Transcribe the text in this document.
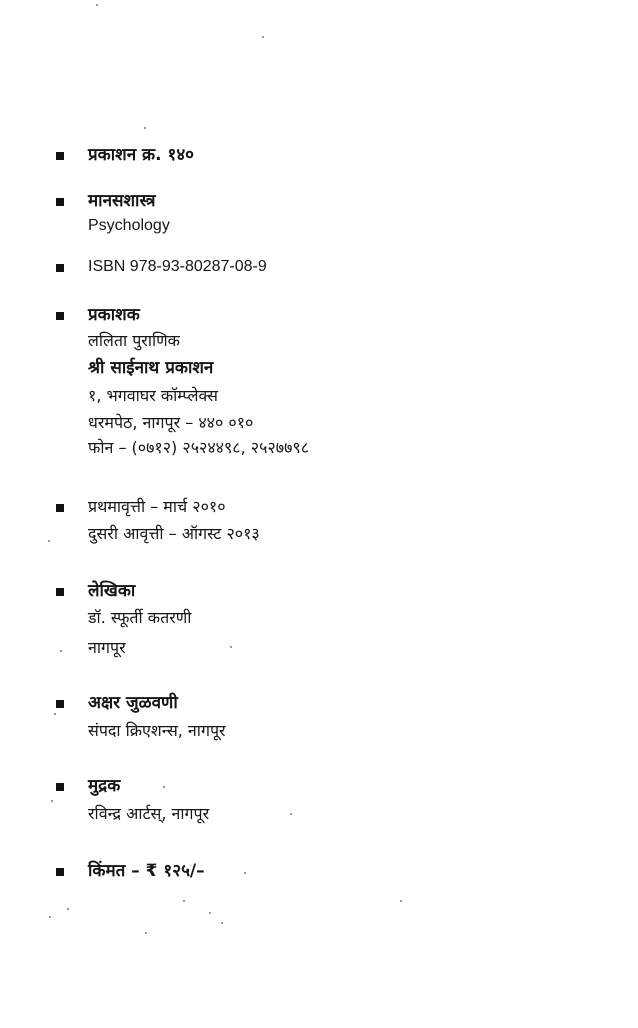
प्रकाशन क्र. १४०
मानसशास्त्र
Psychology
ISBN 978-93-80287-08-9
प्रकाशक
ललिता पुराणिक
श्री साईनाथ प्रकाशन
१, भगवाघर कॉम्प्लेक्स
धरमपेठ, नागपूर – ४४० ०१०
फोन – (०७१२) २५२४४९८, २५२७७९८
प्रथमावृत्ती – मार्च २०१०
दुसरी आवृत्ती – ऑगस्ट २०१३
लेखिका
डॉ. स्फूर्ती कतरणी
नागपूर
अक्षर जुळवणी
संपदा क्रिएशन्स, नागपूर
मुद्रक
रविन्द्र आर्टस्, नागपूर
किंमत – ₹ १२५/–
